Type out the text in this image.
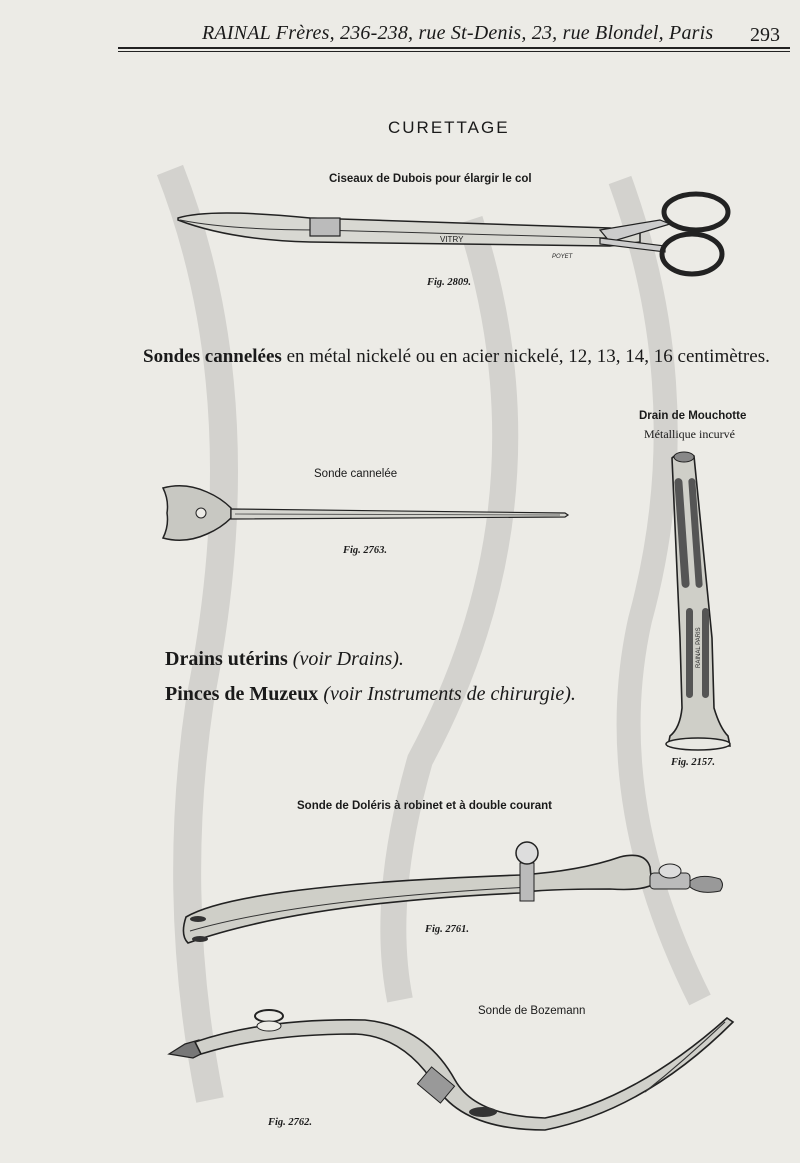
RAINAL Frères, 236-238, rue St-Denis, 23, rue Blondel, Paris 293
CURETTAGE
Ciseaux de Dubois pour élargir le col
VITRY
POYET
Fig. 2809.
Sondes cannelées en métal nickelé ou en acier nickelé, 12, 13, 14, 16 centimètres.
Drain de Mouchotte
Métallique incurvé
RAINAL PARIS
Fig. 2157.
Sonde cannelée
Fig. 2763.
Drains utérins (voir Drains).
Pinces de Muzeux (voir Instruments de chirurgie).
Sonde de Doléris à robinet et à double courant
Fig. 2761.
Sonde de Bozemann
Fig. 2762.
